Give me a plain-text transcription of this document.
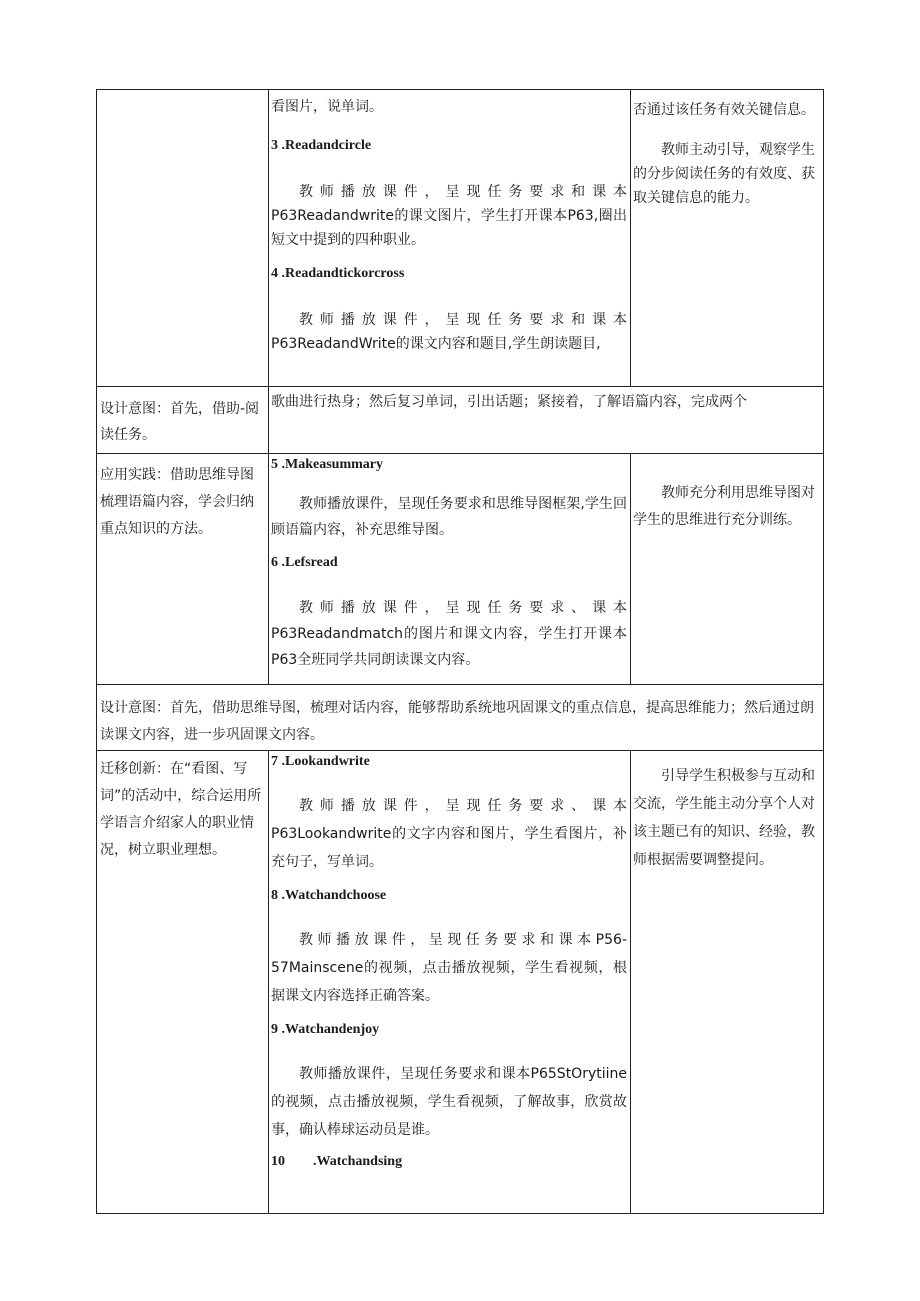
看图片，说单词。

3 .Readandcircle

教师播放课件，呈现任务要求和课本P63Readandwrite的课文图片，学生打开课本P63,圈出短文中提到的四种职业。

4 .Readandtickorcross

教师播放课件，呈现任务要求和课本P63ReadandWrite的课文内容和题目,学生朗读题目,

否通过该任务有效关键信息。

教师主动引导，观察学生的分步阅读任务的有效度、获取关键信息的能力。

设计意图：首先，借助-阅读任务。

歌曲进行热身；然后复习单词，引出话题；紧接着，了解语篇内容，完成两个

应用实践：借助思维导图梳理语篇内容，学会归纳重点知识的方法。

5 .Makeasummary

教师播放课件，呈现任务要求和思维导图框架,学生回顾语篇内容，补充思维导图。

6 .Lefsread

教师播放课件，呈现任务要求、课本P63Readandmatch的图片和课文内容，学生打开课本P63全班同学共同朗读课文内容。

教师充分利用思维导图对学生的思维进行充分训练。

设计意图：首先，借助思维导图，梳理对话内容，能够帮助系统地巩固课文的重点信息，提高思维能力；然后通过朗读课文内容，进一步巩固课文内容。

迁移创新：在“看图、写词”的活动中，综合运用所学语言介绍家人的职业情况，树立职业理想。

7 .Lookandwrite

教师播放课件，呈现任务要求、课本P63Lookandwrite的文字内容和图片，学生看图片，补充句子，写单词。

8 .Watchandchoose

教师播放课件，呈现任务要求和课本P56-57Mainscene的视频，点击播放视频，学生看视频，根据课文内容选择正确答案。

9 .Watchandenjoy

教师播放课件，呈现任务要求和课本P65StOrytiine的视频，点击播放视频，学生看视频，了解故事，欣赏故事，确认棒球运动员是谁。

10        .Watchandsing

引导学生积极参与互动和交流，学生能主动分享个人对该主题已有的知识、经验，教师根据需要调整提问。
